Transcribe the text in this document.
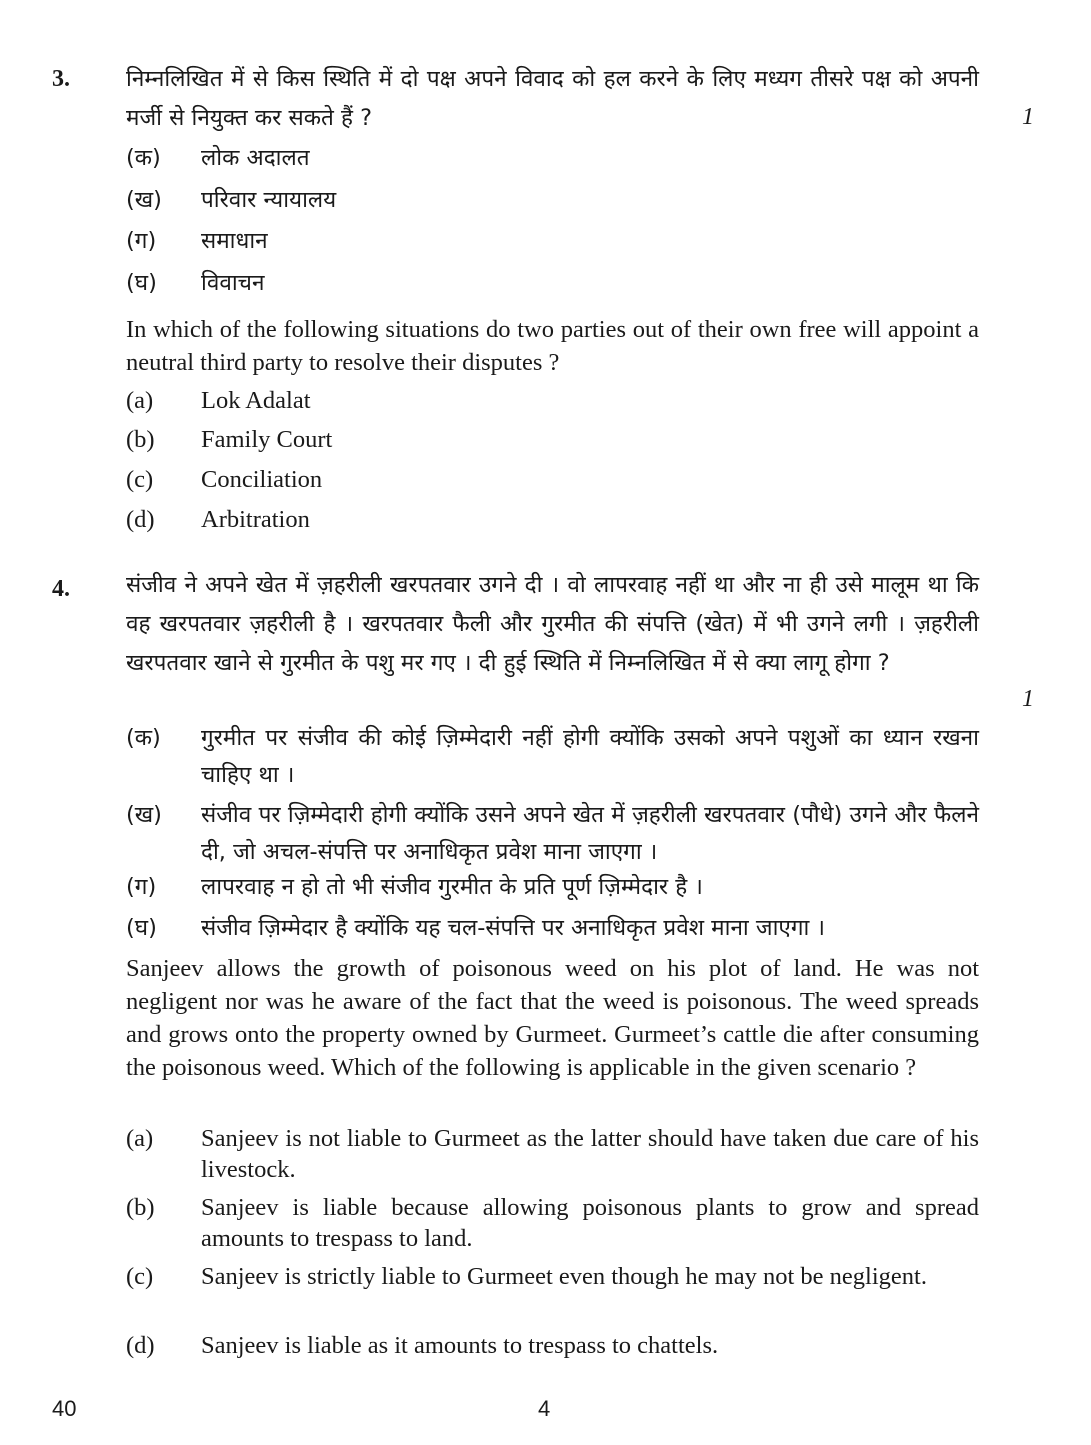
3. निम्नलिखित में से किस स्थिति में दो पक्ष अपने विवाद को हल करने के लिए मध्यग तीसरे पक्ष को अपनी मर्जी से नियुक्त कर सकते हैं ?	1
(क) लोक अदालत
(ख) परिवार न्यायालय
(ग) समाधान
(घ) विवाचन
In which of the following situations do two parties out of their own free will appoint a neutral third party to resolve their disputes ?
(a) Lok Adalat
(b) Family Court
(c) Conciliation
(d) Arbitration
4. संजीव ने अपने खेत में ज़हरीली खरपतवार उगने दी । वो लापरवाह नहीं था और ना ही उसे मालूम था कि वह खरपतवार ज़हरीली है । खरपतवार फैली और गुरमीत की संपत्ति (खेत) में भी उगने लगी । ज़हरीली खरपतवार खाने से गुरमीत के पशु मर गए । दी हुई स्थिति में निम्नलिखित में से क्या लागू होगा ?
1
(क) गुरमीत पर संजीव की कोई ज़िम्मेदारी नहीं होगी क्योंकि उसको अपने पशुओं का ध्यान रखना चाहिए था ।
(ख) संजीव पर ज़िम्मेदारी होगी क्योंकि उसने अपने खेत में ज़हरीली खरपतवार (पौधे) उगने और फैलने दी, जो अचल-संपत्ति पर अनाधिकृत प्रवेश माना जाएगा ।
(ग) लापरवाह न हो तो भी संजीव गुरमीत के प्रति पूर्ण ज़िम्मेदार है ।
(घ) संजीव ज़िम्मेदार है क्योंकि यह चल-संपत्ति पर अनाधिकृत प्रवेश माना जाएगा ।
Sanjeev allows the growth of poisonous weed on his plot of land. He was not negligent nor was he aware of the fact that the weed is poisonous. The weed spreads and grows onto the property owned by Gurmeet. Gurmeet’s cattle die after consuming the poisonous weed. Which of the following is applicable in the given scenario ?
(a) Sanjeev is not liable to Gurmeet as the latter should have taken due care of his livestock.
(b) Sanjeev is liable because allowing poisonous plants to grow and spread amounts to trespass to land.
(c) Sanjeev is strictly liable to Gurmeet even though he may not be negligent.
(d) Sanjeev is liable as it amounts to trespass to chattels.
40	4
